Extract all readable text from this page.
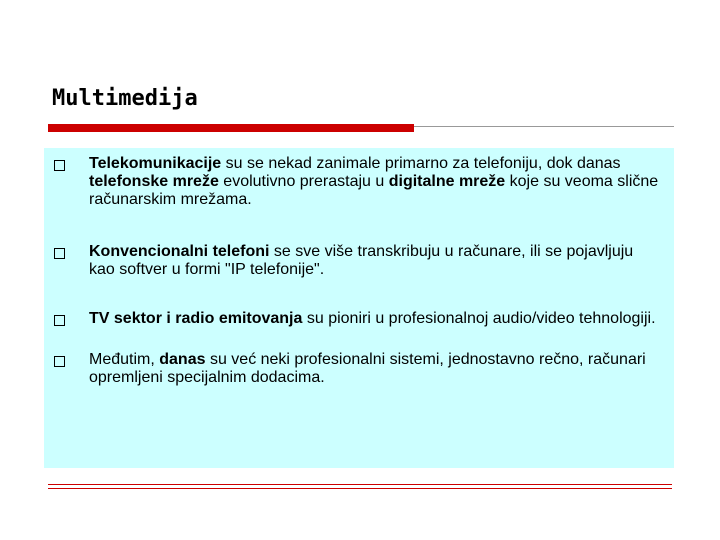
Multimedija
Telekomunikacije su se nekad zanimale primarno za telefoniju, dok danas telefonske mreže evolutivno prerastaju u digitalne mreže koje su veoma slične računarskim mrežama.
Konvencionalni telefoni se sve više transkribuju u računare, ili se pojavljuju kao softver u formi "IP telefonije".
TV sektor i radio emitovanja su pioniri u profesionalnoj audio/video tehnologiji.
Međutim, danas su već neki profesionalni sistemi, jednostavno rečno, računari opremljeni specijalnim dodacima.
